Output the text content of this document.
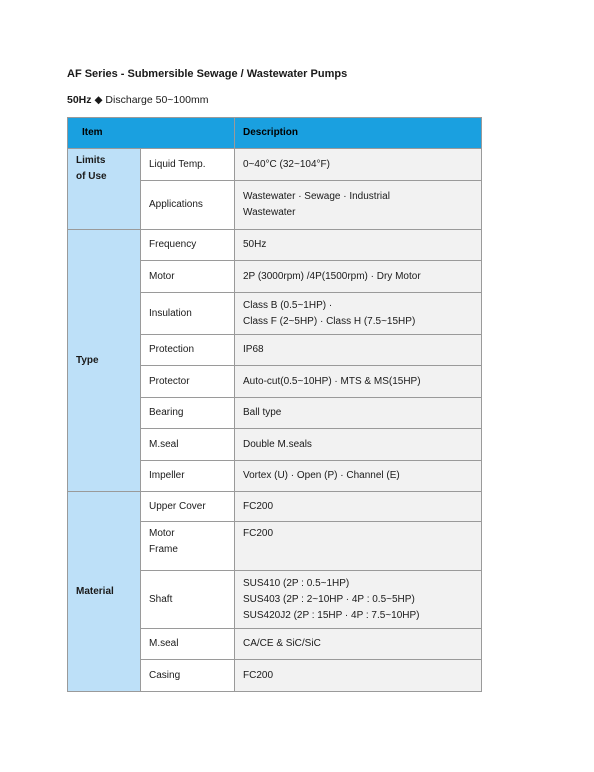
AF Series - Submersible Sewage / Wastewater Pumps
50Hz ◆ Discharge 50~100mm
Item		Description
Limits
of Use	Liquid Temp.	0~40°C (32~104°F)
	Applications	Wastewater · Sewage · Industrial
Wastewater
Type	Frequency	50Hz
	Motor	2P (3000rpm) /4P(1500rpm) · Dry Motor
	Insulation	Class B (0.5~1HP) ·
Class F (2~5HP) · Class H (7.5~15HP)
	Protection	IP68
	Protector	Auto-cut(0.5~10HP) · MTS & MS(15HP)
	Bearing	Ball type
	M.seal	Double M.seals
	Impeller	Vortex (U) · Open (P) · Channel (E)
Material	Upper Cover	FC200
	Motor
Frame	FC200
	Shaft	SUS410 (2P : 0.5~1HP)
SUS403 (2P : 2~10HP · 4P : 0.5~5HP)
SUS420J2 (2P : 15HP · 4P : 7.5~10HP)
	M.seal	CA/CE & SiC/SiC
	Casing	FC200
